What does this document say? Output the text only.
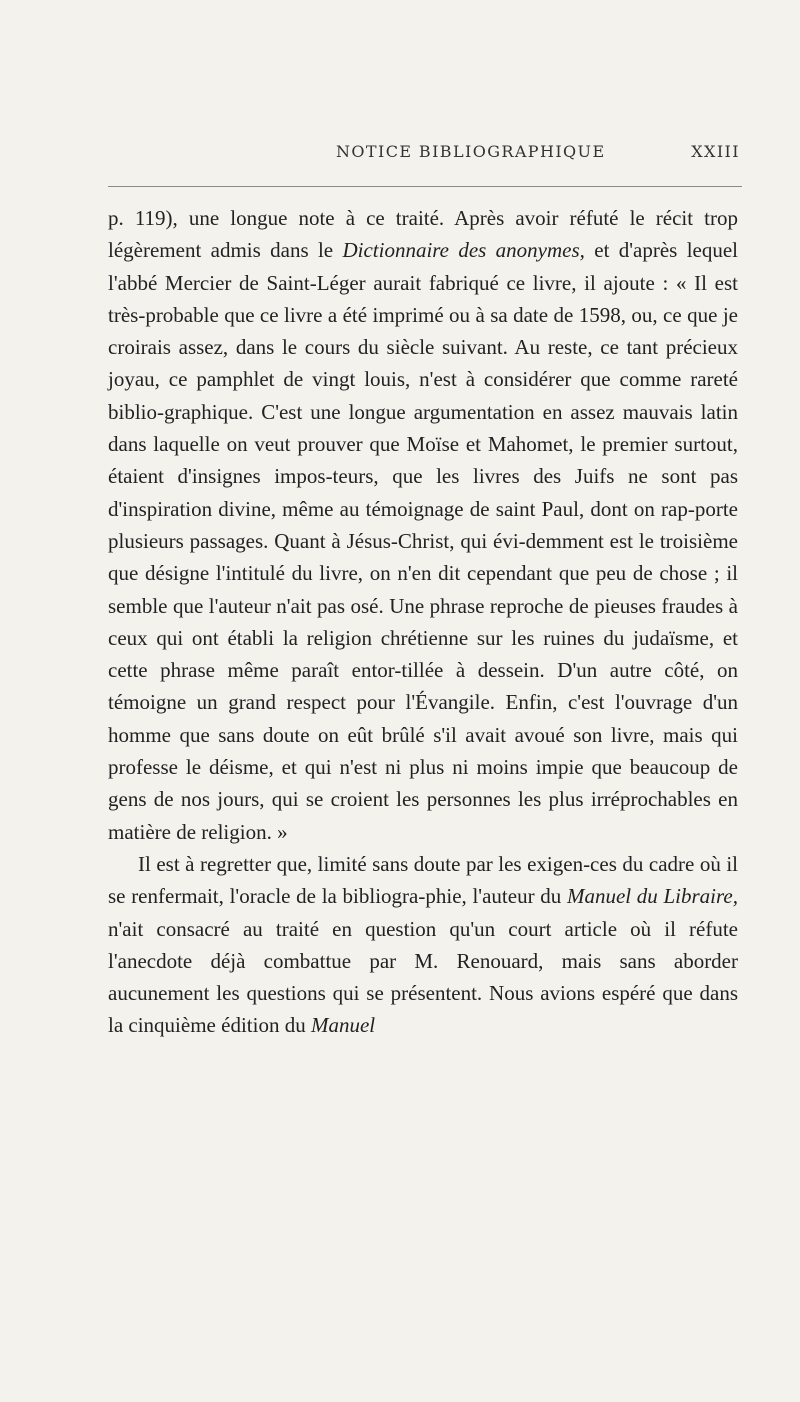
NOTICE BIBLIOGRAPHIQUE	XXIII

p. 119), une longue note à ce traité. Après avoir réfuté le récit trop légèrement admis dans le Dictionnaire des anonymes, et d'après lequel l'abbé Mercier de Saint-Léger aurait fabriqué ce livre, il ajoute : « Il est très-probable que ce livre a été imprimé ou à sa date de 1598, ou, ce que je croirais assez, dans le cours du siècle suivant. Au reste, ce tant précieux joyau, ce pamphlet de vingt louis, n'est à considérer que comme rareté biblio-graphique. C'est une longue argumentation en assez mauvais latin dans laquelle on veut prouver que Moïse et Mahomet, le premier surtout, étaient d'insignes impos-teurs, que les livres des Juifs ne sont pas d'inspiration divine, même au témoignage de saint Paul, dont on rap-porte plusieurs passages. Quant à Jésus-Christ, qui évi-demment est le troisième que désigne l'intitulé du livre, on n'en dit cependant que peu de chose ; il semble que l'auteur n'ait pas osé. Une phrase reproche de pieuses fraudes à ceux qui ont établi la religion chrétienne sur les ruines du judaïsme, et cette phrase même paraît entor-tillée à dessein. D'un autre côté, on témoigne un grand respect pour l'Évangile. Enfin, c'est l'ouvrage d'un homme que sans doute on eût brûlé s'il avait avoué son livre, mais qui professe le déisme, et qui n'est ni plus ni moins impie que beaucoup de gens de nos jours, qui se croient les personnes les plus irréprochables en matière de religion. »

Il est à regretter que, limité sans doute par les exigen-ces du cadre où il se renfermait, l'oracle de la bibliogra-phie, l'auteur du Manuel du Libraire, n'ait consacré au traité en question qu'un court article où il réfute l'anecdote déjà combattue par M. Renouard, mais sans aborder aucunement les questions qui se présentent. Nous avions espéré que dans la cinquième édition du Manuel
